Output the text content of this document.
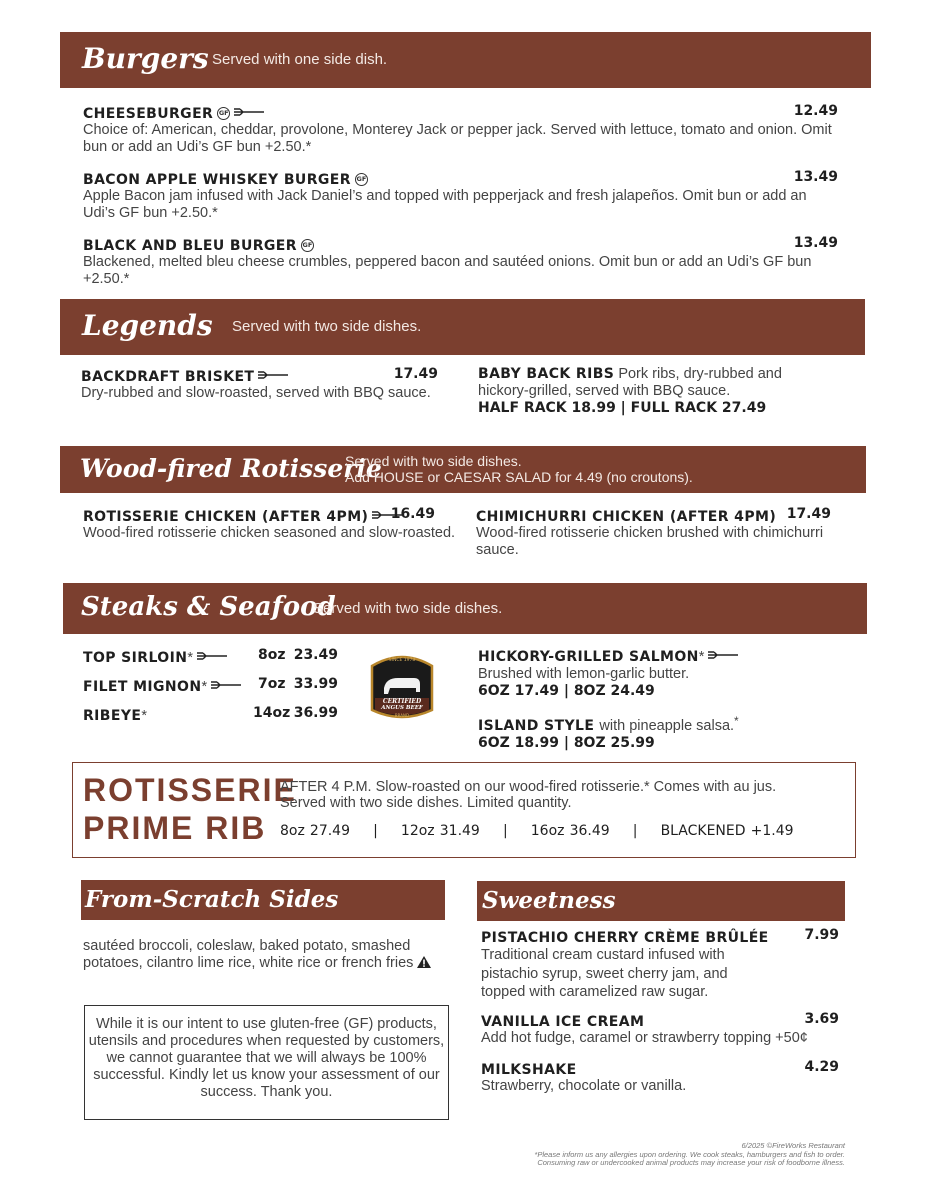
Burgers Served with one side dish.
CHEESEBURGER GF	12.49
Choice of: American, cheddar, provolone, Monterey Jack or pepper jack. Served with lettuce, tomato and onion. Omit
bun or add an Udi’s GF bun +2.50.*
BACON APPLE WHISKEY BURGER GF	13.49
Apple Bacon jam infused with Jack Daniel’s and topped with pepperjack and fresh jalapeños. Omit bun or add an
Udi’s GF bun +2.50.*
BLACK AND BLEU BURGER GF	13.49
Blackened, melted bleu cheese crumbles, peppered bacon and sautéed onions. Omit bun or add an Udi’s GF bun
+2.50.*
Legends Served with two side dishes.
BACKDRAFT BRISKET	17.49
Dry-rubbed and slow-roasted, served with BBQ sauce.
BABY BACK RIBS Pork ribs, dry-rubbed and
hickory-grilled, served with BBQ sauce.
HALF RACK 18.99 | FULL RACK 27.49
Wood-fired Rotisserie
Served with two side dishes.
Add HOUSE or CAESAR SALAD for 4.49 (no croutons).
ROTISSERIE CHICKEN (AFTER 4PM) 16.49
Wood-fired rotisserie chicken seasoned and slow-roasted.
CHIMICHURRI CHICKEN (AFTER 4PM) 17.49
Wood-fired rotisserie chicken brushed with chimichurri
sauce.
Steaks & Seafood
Served with two side dishes.
TOP SIRLOIN*	8oz 23.49
FILET MIGNON*	7oz 33.99
RIBEYE*	14oz 36.99
SINCE 1978
CERTIFIED
ANGUS BEEF
BRAND
HICKORY-GRILLED SALMON*
Brushed with lemon-garlic butter.
6OZ 17.49 | 8OZ 24.49
ISLAND STYLE with pineapple salsa.*
6OZ 18.99 | 8OZ 25.99
ROTISSERIE
PRIME RIB
AFTER 4 P.M. Slow-roasted on our wood-fired rotisserie.* Comes with au jus.
Served with two side dishes. Limited quantity.
8oz 27.49 | 12oz 31.49 | 16oz 36.49 | BLACKENED +1.49
From-Scratch Sides
sautéed broccoli, coleslaw, baked potato, smashed
potatoes, cilantro lime rice, white rice or french fries
While it is our intent to use gluten-free (GF) products,
utensils and procedures when requested by customers,
we cannot guarantee that we will always be 100%
successful. Kindly let us know your assessment of our
success. Thank you.
Sweetness
PISTACHIO CHERRY CRÈME BRÛLÉE	7.99
Traditional cream custard infused with
pistachio syrup, sweet cherry jam, and
topped with caramelized raw sugar.
VANILLA ICE CREAM	3.69
Add hot fudge, caramel or strawberry topping +50¢
MILKSHAKE	4.29
Strawberry, chocolate or vanilla.
6/2025 ©FireWorks Restaurant
*Please inform us any allergies upon ordering. We cook steaks, hamburgers and fish to order.
Consuming raw or undercooked animal products may increase your risk of foodborne illness.
